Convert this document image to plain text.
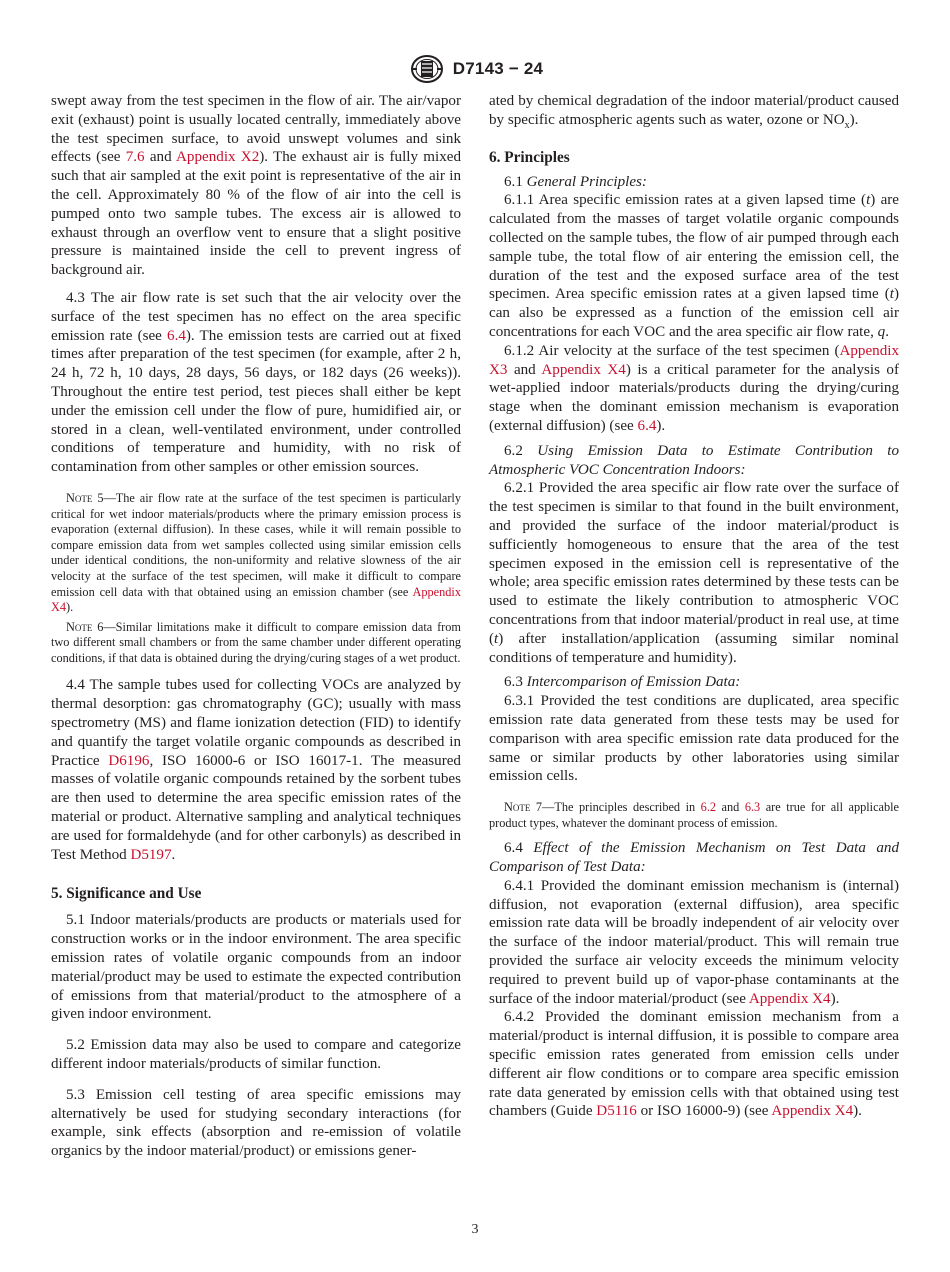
D7143 − 24

swept away from the test specimen in the flow of air. The air/vapor exit (exhaust) point is usually located centrally, immediately above the test specimen surface, to avoid unswept volumes and sink effects (see 7.6 and Appendix X2). The exhaust air is fully mixed such that air sampled at the exit point is representative of the air in the cell. Approximately 80 % of the flow of air into the cell is pumped onto two sample tubes. The excess air is allowed to exhaust through an overflow vent to ensure that a slight positive pressure is maintained inside the cell to prevent ingress of background air.

4.3 The air flow rate is set such that the air velocity over the surface of the test specimen has no effect on the area specific emission rate (see 6.4). The emission tests are carried out at fixed times after preparation of the test specimen (for example, after 2 h, 24 h, 72 h, 10 days, 28 days, 56 days, or 182 days (26 weeks)). Throughout the entire test period, test pieces shall either be kept under the emission cell under the flow of pure, humidified air, or stored in a clean, well-ventilated environment, under controlled conditions of temperature and humidity, with no risk of contamination from other samples or other emission sources.

Note 5—The air flow rate at the surface of the test specimen is particularly critical for wet indoor materials/products where the primary emission process is evaporation (external diffusion). In these cases, while it will remain possible to compare emission data from wet samples collected using similar emission cells under identical conditions, the non-uniformity and relative slowness of the air velocity at the surface of the test specimen, will make it difficult to compare emission cell data with that obtained using an emission chamber (see Appendix X4).

Note 6—Similar limitations make it difficult to compare emission data from two different small chambers or from the same chamber under different operating conditions, if that data is obtained during the drying/curing stages of a wet product.

4.4 The sample tubes used for collecting VOCs are analyzed by thermal desorption: gas chromatography (GC); usually with mass spectrometry (MS) and flame ionization detection (FID) to identify and quantify the target volatile organic compounds as described in Practice D6196, ISO 16000-6 or ISO 16017-1. The measured masses of volatile organic compounds retained by the sorbent tubes are then used to determine the area specific emission rates of the material or product. Alternative sampling and analytical techniques are used for formaldehyde (and for other carbonyls) as described in Test Method D5197.

5. Significance and Use

5.1 Indoor materials/products are products or materials used for construction works or in the indoor environment. The area specific emission rates of volatile organic compounds from an indoor material/product may be used to estimate the expected contribution of emissions from that material/product to the atmosphere of a given indoor environment.

5.2 Emission data may also be used to compare and categorize different indoor materials/products of similar function.

5.3 Emission cell testing of area specific emissions may alternatively be used for studying secondary interactions (for example, sink effects (absorption and re-emission of volatile organics by the indoor material/product) or emissions gener-

ated by chemical degradation of the indoor material/product caused by specific atmospheric agents such as water, ozone or $NO_x$).

6. Principles

6.1 General Principles:

6.1.1 Area specific emission rates at a given lapsed time (t) are calculated from the masses of target volatile organic compounds collected on the sample tubes, the flow of air pumped through each sample tube, the total flow of air entering the emission cell, the duration of the test and the exposed surface area of the test specimen. Area specific emission rates at a given lapsed time (t) can also be expressed as a function of the emission cell air concentrations for each VOC and the area specific air flow rate, q.

6.1.2 Air velocity at the surface of the test specimen (Appendix X3 and Appendix X4) is a critical parameter for the analysis of wet-applied indoor materials/products during the drying/curing stage when the dominant emission mechanism is evaporation (external diffusion) (see 6.4).

6.2 Using Emission Data to Estimate Contribution to Atmospheric VOC Concentration Indoors:

6.2.1 Provided the area specific air flow rate over the surface of the test specimen is similar to that found in the built environment, and provided the surface of the indoor material/product is sufficiently homogeneous to ensure that the area of the test specimen exposed in the emission cell is representative of the whole; area specific emission rates determined by these tests can be used to estimate the likely contribution to atmospheric VOC concentrations from that indoor material/product in real use, at time (t) after installation/application (assuming similar nominal conditions of temperature and humidity).

6.3 Intercomparison of Emission Data:

6.3.1 Provided the test conditions are duplicated, area specific emission rate data generated from these tests may be used for comparison with area specific emission rate data produced for the same or similar products by other laboratories using similar emission cells.

Note 7—The principles described in 6.2 and 6.3 are true for all applicable product types, whatever the dominant process of emission.

6.4 Effect of the Emission Mechanism on Test Data and Comparison of Test Data:

6.4.1 Provided the dominant emission mechanism is (internal) diffusion, not evaporation (external diffusion), area specific emission rate data will be broadly independent of air velocity over the surface of the indoor material/product. This will remain true provided the surface air velocity exceeds the minimum velocity required to prevent build up of vapor-phase contaminants at the surface of the indoor material/product (see Appendix X4).

6.4.2 Provided the dominant emission mechanism from a material/product is internal diffusion, it is possible to compare area specific emission rates generated from emission cells under different air flow conditions or to compare area specific emission rate data generated by emission cells with that obtained using test chambers (Guide D5116 or ISO 16000-9) (see Appendix X4).

3
